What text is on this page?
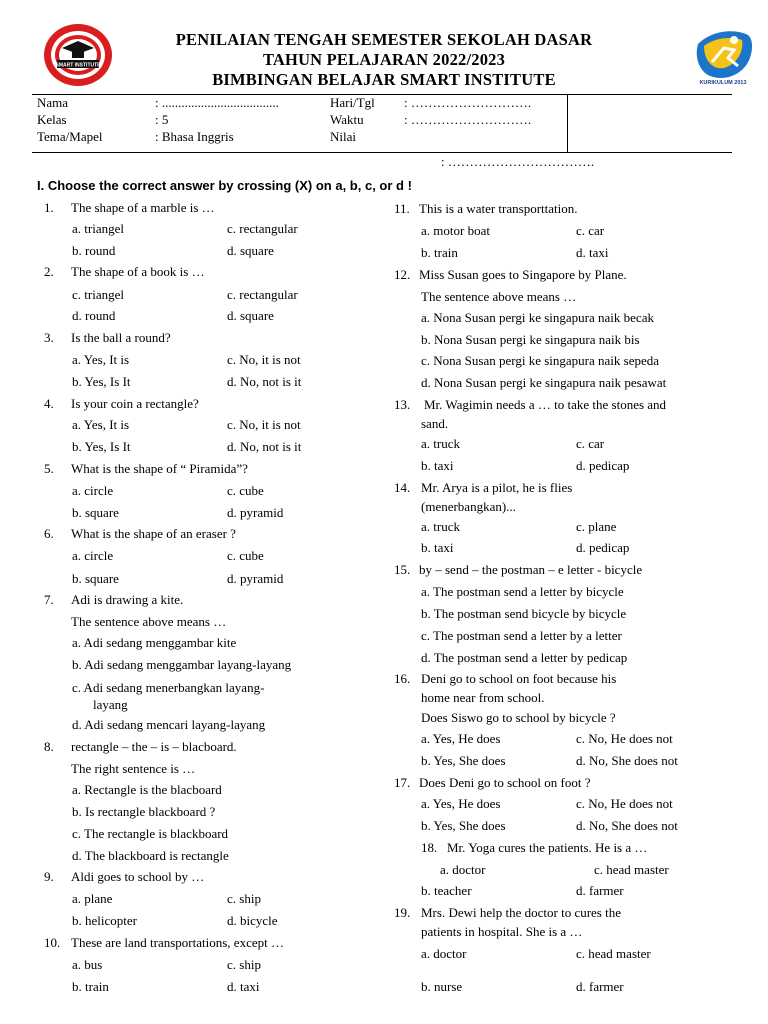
SMART INSTITUTE
KURIKULUM 2013
PENILAIAN TENGAH SEMESTER SEKOLAH DASAR
TAHUN PELAJARAN 2022/2023
BIMBINGAN BELAJAR SMART INSTITUTE
Nama	: ....................................
Kelas	: 5
Tema/Mapel	: Bhasa Inggris
Hari/Tgl : ……………………….
Waktu	: ……………………….
Nilai
: …………………………….
I. Choose the correct answer by crossing (X) on a, b, c, or d !
1. The shape of a marble is …
a. triangel	c. rectangular
b. round	d. square
2. The shape of a book is …
c. triangel	c. rectangular
d. round	d. square
3. Is the ball a round?
a. Yes, It is	c. No, it is not
b. Yes, Is It	d. No, not is it
4. Is your coin a rectangle?
a. Yes, It is	c. No, it is not
b. Yes, Is It	d. No, not is it
5. What is the shape of “ Piramida”?
a. circle	c. cube
b. square	d. pyramid
6. What is the shape of an eraser ?
a. circle	c. cube
b. square	d. pyramid
7. Adi is drawing a kite.
The sentence above means …
a. Adi sedang menggambar kite
b. Adi sedang menggambar layang-layang
c. Adi sedang menerbangkan layang-
layang
d. Adi sedang mencari layang-layang
8. rectangle – the – is – blacboard.
The right sentence is …
a. Rectangle is the blacboard
b. Is rectangle blackboard ?
c. The rectangle is blackboard
d. The blackboard is rectangle
9. Aldi goes to school by …
a. plane	c. ship
b. helicopter	d. bicycle
10. These are land transportations, except …
a. bus	c. ship
b. train	d. taxi
11. This is a water transporttation.
a. motor boat	c. car
b. train	d. taxi
12. Miss Susan goes to Singapore by Plane.
The sentence above means …
a. Nona Susan pergi ke singapura naik becak
b. Nona Susan pergi ke singapura naik bis
c. Nona Susan pergi ke singapura naik sepeda
d. Nona Susan pergi ke singapura naik pesawat
13. Mr. Wagimin needs a … to take the stones and
sand.
a. truck	c. car
b. taxi	d. pedicap
14. Mr. Arya is a pilot, he is flies
(menerbangkan)...
a. truck	c. plane
b. taxi	d. pedicap
15. by – send – the postman – e letter - bicycle
a. The postman send a letter by bicycle
b. The postman send bicycle by bicycle
c. The postman send a letter by a letter
d. The postman send a letter by pedicap
16. Deni go to school on foot because his
home near from school.
Does Siswo go to school by bicycle ?
a. Yes, He does	c. No, He does not
b. Yes, She does	d. No, She does not
17. Does Deni go to school on foot ?
a. Yes, He does	c. No, He does not
b. Yes, She does	d. No, She does not
18. Mr. Yoga cures the patients. He is a …
a. doctor	c. head master
b. teacher	d. farmer
19. Mrs. Dewi help the doctor to cures the
patients in hospital. She is a …
a. doctor	c. head master
b. nurse	d. farmer
